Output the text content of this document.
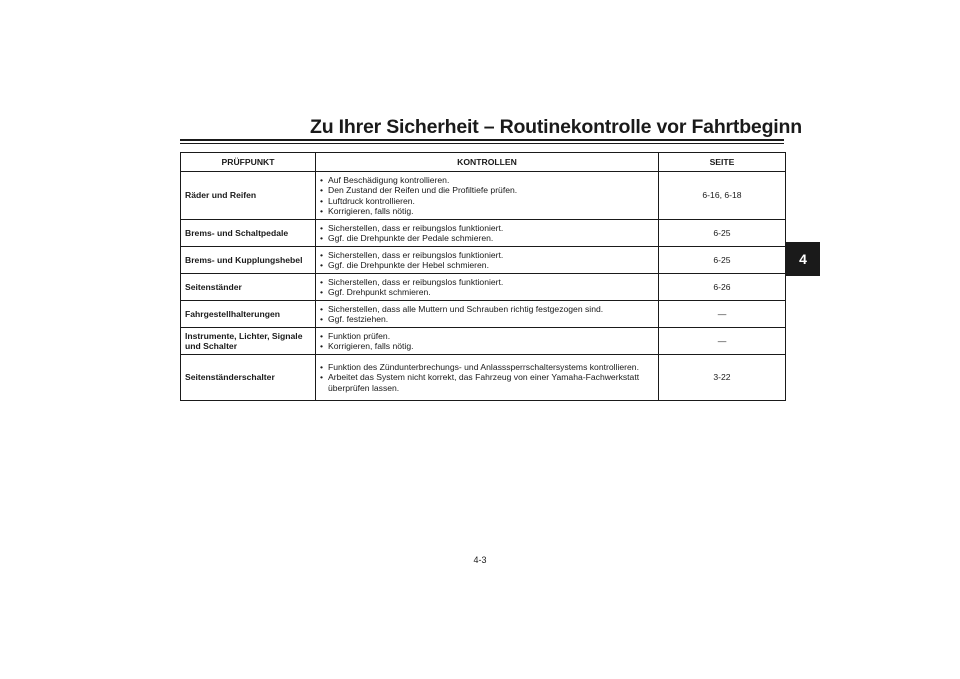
Zu Ihrer Sicherheit – Routinekontrolle vor Fahrtbeginn
4
PRÜFPUNKT	KONTROLLEN	SEITE
Räder und Reifen	• Auf Beschädigung kontrollieren.
• Den Zustand der Reifen und die Profiltiefe prüfen.
• Luftdruck kontrollieren.
• Korrigieren, falls nötig.	6-16, 6-18
Brems- und Schaltpedale	• Sicherstellen, dass er reibungslos funktioniert.
• Ggf. die Drehpunkte der Pedale schmieren.	6-25
Brems- und Kupplungshebel	• Sicherstellen, dass er reibungslos funktioniert.
• Ggf. die Drehpunkte der Hebel schmieren.	6-25
Seitenständer	• Sicherstellen, dass er reibungslos funktioniert.
• Ggf. Drehpunkt schmieren.	6-26
Fahrgestellhalterungen	• Sicherstellen, dass alle Muttern und Schrauben richtig festgezogen sind.
• Ggf. festziehen.	—
Instrumente, Lichter, Signale und Schalter	• Funktion prüfen.
• Korrigieren, falls nötig.	—
Seitenständerschalter	• Funktion des Zündunterbrechungs- und Anlasssperrschaltersystems kontrollieren.
• Arbeitet das System nicht korrekt, das Fahrzeug von einer Yamaha-Fachwerkstatt überprüfen lassen.	3-22
4-3
